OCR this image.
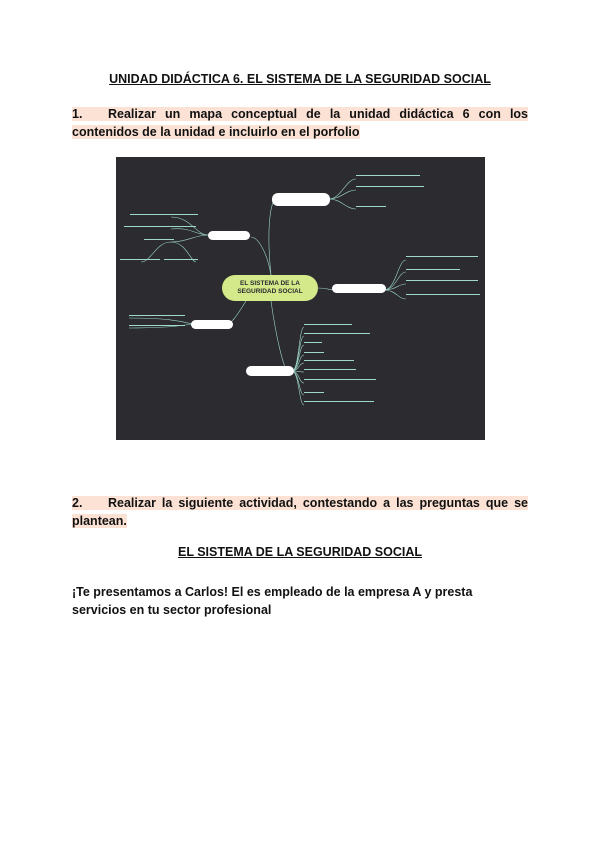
UNIDAD DIDÁCTICA 6. EL SISTEMA DE LA SEGURIDAD SOCIAL
1. Realizar un mapa conceptual de la unidad didáctica 6 con los contenidos de la unidad e incluirlo en el porfolio
EL SISTEMA DE LA SEGURIDAD SOCIAL
2. Realizar la siguiente actividad, contestando a las preguntas que se plantean.
EL SISTEMA DE LA SEGURIDAD SOCIAL
¡Te presentamos a Carlos! El es empleado de la empresa A y presta servicios en tu sector profesional
